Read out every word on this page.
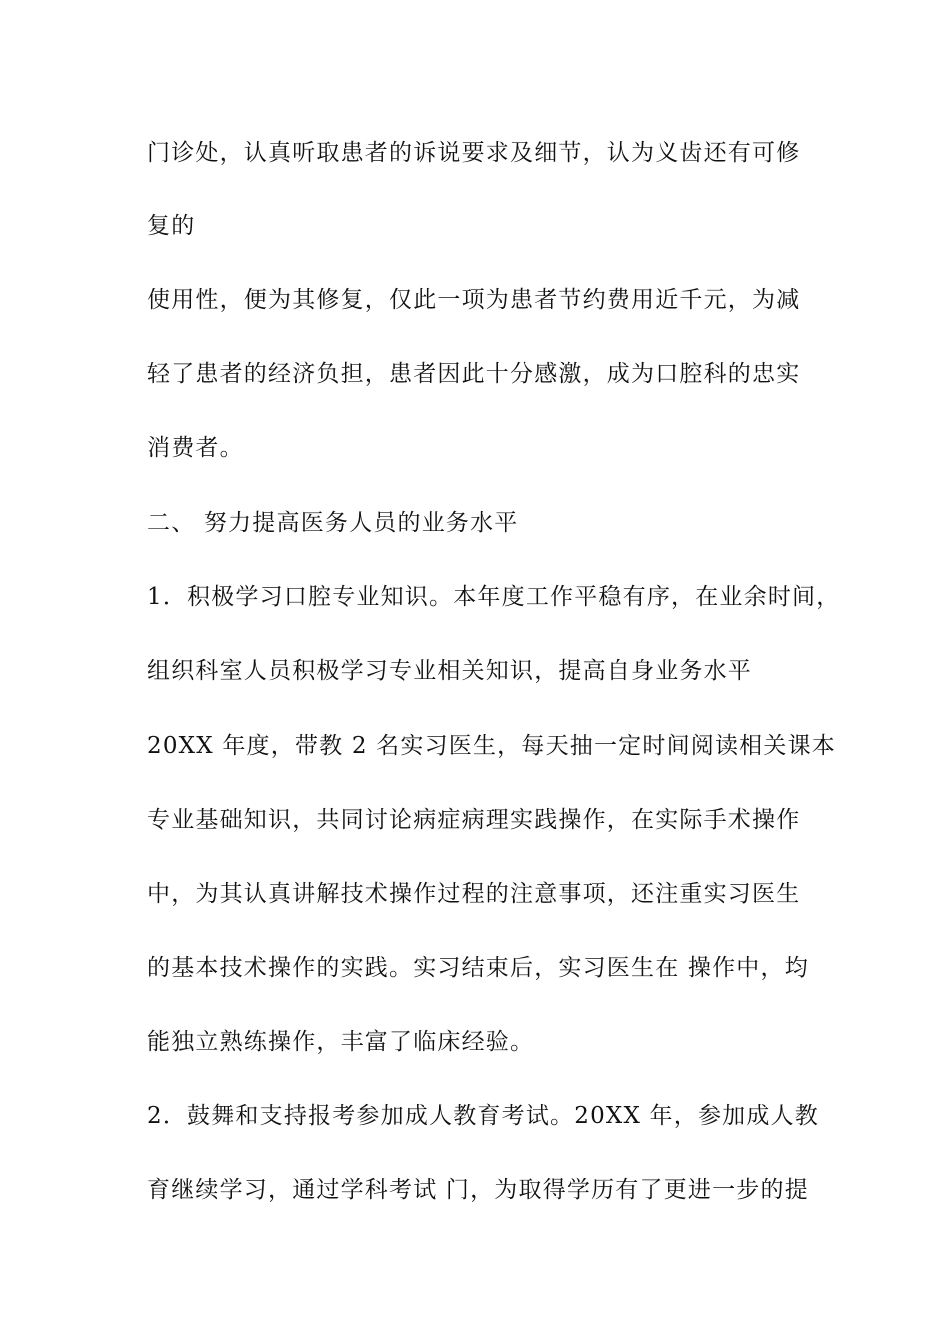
门诊处，认真听取患者的诉说要求及细节，认为义齿还有可修

复的

使用性，便为其修复，仅此一项为患者节约费用近千元，为减

轻了患者的经济负担，患者因此十分感激，成为口腔科的忠实

消费者。

二、 努力提高医务人员的业务水平

1．积极学习口腔专业知识。本年度工作平稳有序，在业余时间，

组织科室人员积极学习专业相关知识，提高自身业务水平

20XX 年度，带教 2 名实习医生，每天抽一定时间阅读相关课本

专业基础知识，共同讨论病症病理实践操作，在实际手术操作

中，为其认真讲解技术操作过程的注意事项，还注重实习医生

的基本技术操作的实践。实习结束后，实习医生在 操作中，均

能独立熟练操作，丰富了临床经验。

2．鼓舞和支持报考参加成人教育考试。20XX 年，参加成人教

育继续学习，通过学科考试 门，为取得学历有了更进一步的提
